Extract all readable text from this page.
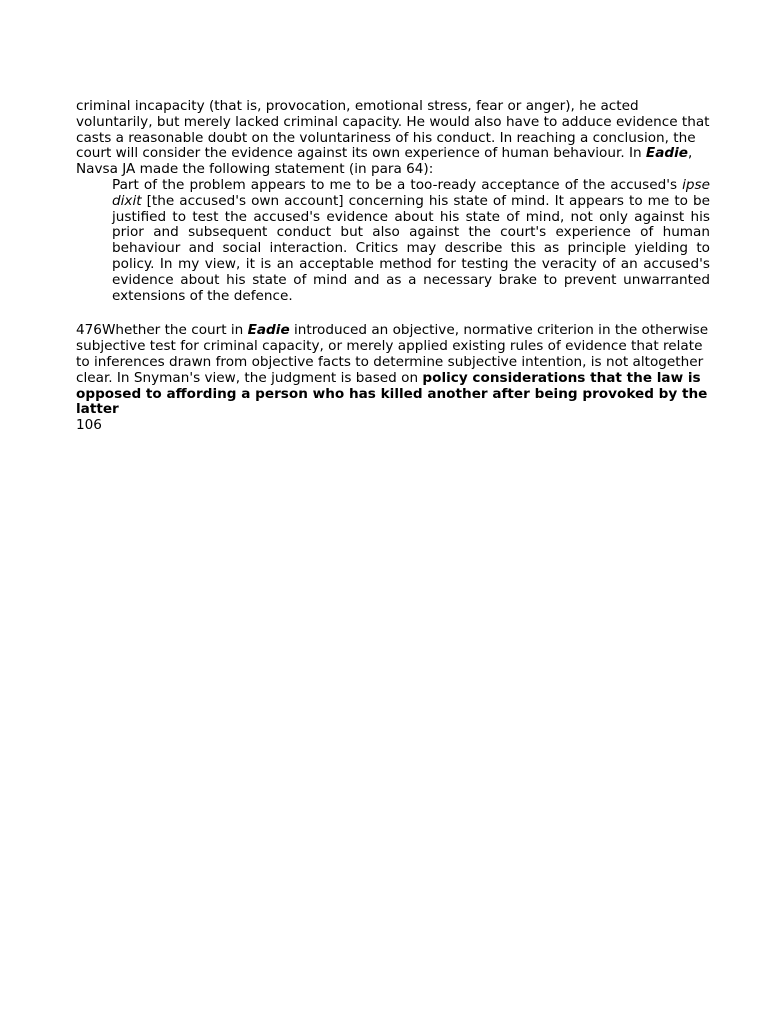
criminal incapacity (that is, provocation, emotional stress, fear or anger), he acted voluntarily, but merely lacked criminal capacity. He would also have to adduce evidence that casts a reasonable doubt on the voluntariness of his conduct. In reaching a conclusion, the court will consider the evidence against its own experience of human behaviour. In Eadie, Navsa JA made the following statement (in para 64):

Part of the problem appears to me to be a too-ready acceptance of the accused's ipse dixit [the accused's own account] concerning his state of mind. It appears to me to be justified to test the accused's evidence about his state of mind, not only against his prior and subsequent conduct but also against the court's experience of human behaviour and social interaction. Critics may describe this as principle yielding to policy. In my view, it is an acceptable method for testing the veracity of an accused's evidence about his state of mind and as a necessary brake to prevent unwarranted extensions of the defence.

476Whether the court in Eadie introduced an objective, normative criterion in the otherwise subjective test for criminal capacity, or merely applied existing rules of evidence that relate to inferences drawn from objective facts to determine subjective intention, is not altogether clear. In Snyman's view, the judgment is based on policy considerations that the law is opposed to affording a person who has killed another after being provoked by the latter

106
